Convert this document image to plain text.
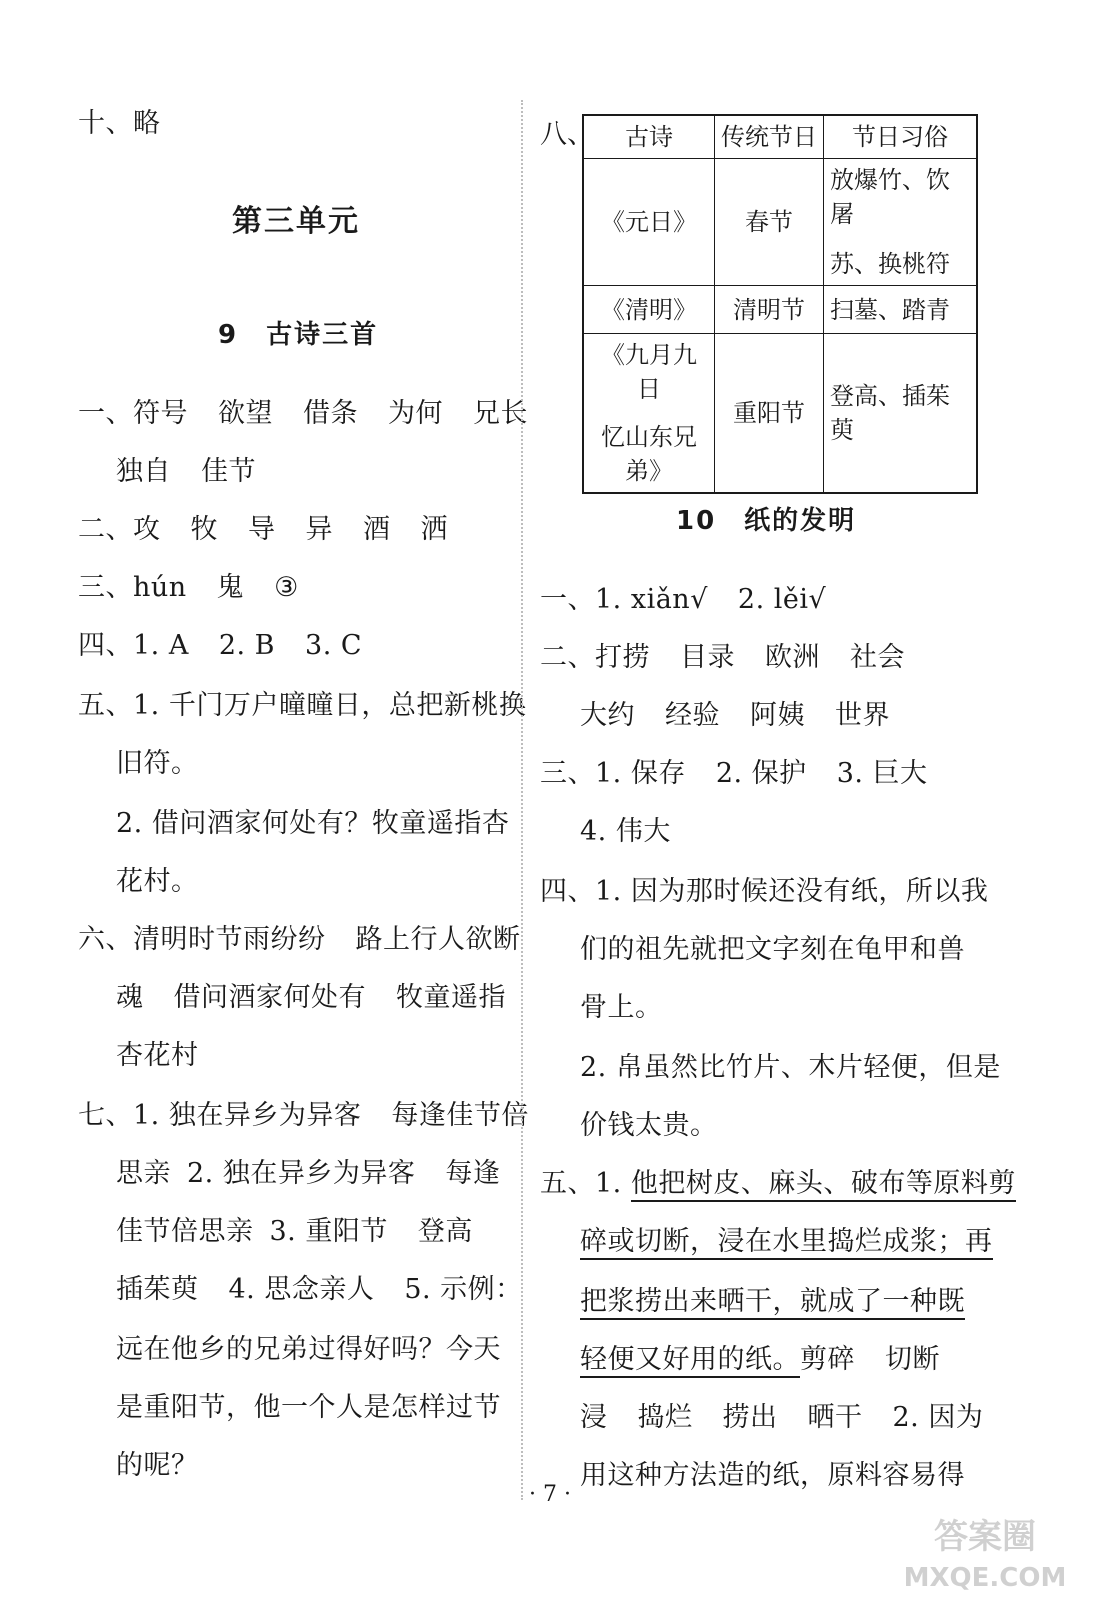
十、略
第三单元
9　古诗三首
一、符号 欲望 借条 为何 兄长
独自 佳节
二、攻 牧 导 异 酒 洒
三、hún 鬼 ③
四、1. A 2. B 3. C
五、1. 千门万户曈曈日，总把新桃换
旧符。
2. 借问酒家何处有？牧童遥指杏
花村。
六、清明时节雨纷纷 路上行人欲断
魂 借问酒家何处有 牧童遥指
杏花村
七、1. 独在异乡为异客 每逢佳节倍
思亲 2. 独在异乡为异客 每逢
佳节倍思亲 3. 重阳节 登高
插茱萸 4. 思念亲人 5. 示例：
远在他乡的兄弟过得好吗？今天
是重阳节，他一个人是怎样过节
的呢？
八、 古诗	传统节日	节日习俗
《元日》	春节	放爆竹、饮屠
苏、换桃符

《清明》	清明节	扫墓、踏青

《九月九日
忆山东兄弟》	重阳节	登高、插茱萸
10　纸的发明
一、1. xiǎn√ 2. lěi√
二、打捞 目录 欧洲 社会
大约 经验 阿姨 世界
三、1. 保存 2. 保护 3. 巨大
4. 伟大
四、1. 因为那时候还没有纸，所以我
们的祖先就把文字刻在龟甲和兽
骨上。
2. 帛虽然比竹片、木片轻便，但是
价钱太贵。
五、1. 他把树皮、麻头、破布等原料剪
碎或切断，浸在水里捣烂成浆；再
把浆捞出来晒干，就成了一种既
轻便又好用的纸。剪碎 切断
浸 捣烂 捞出 晒干 2. 因为
用这种方法造的纸，原料容易得
· 7 ·
答案圈
MXQE.COM
